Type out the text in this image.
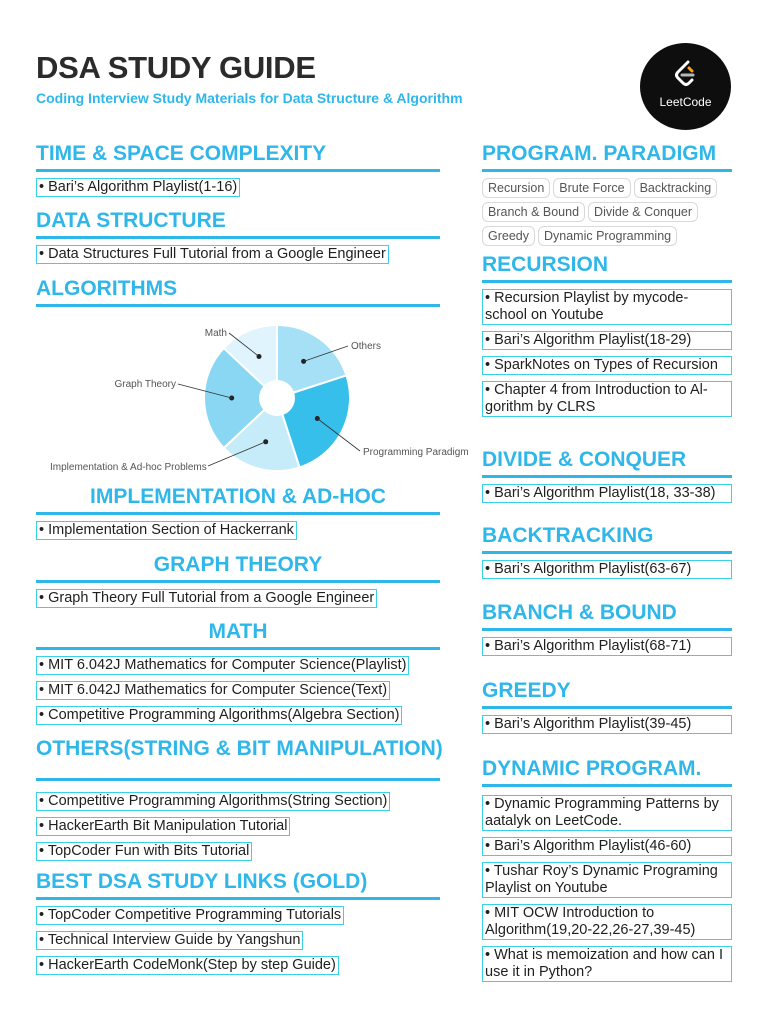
DSA STUDY GUIDE
Coding Interview Study Materials for Data Structure & Algorithm	LeetCode
TIME & SPACE COMPLEXITY
• Bari’s Algorithm Playlist(1-16)
DATA STRUCTURE
• Data Structures Full Tutorial from a Google Engineer
ALGORITHMS
Others
Programming Paradigm
Implementation & Ad-hoc Problems
Graph Theory
Math
IMPLEMENTATION & AD-HOC
• Implementation Section of Hackerrank
GRAPH THEORY
• Graph Theory Full Tutorial from a Google Engineer
MATH
• MIT 6.042J Mathematics for Computer Science(Playlist)
• MIT 6.042J Mathematics for Computer Science(Text)
• Competitive Programming Algorithms(Algebra Section)
OTHERS(STRING & BIT MANIPULATION)
• Competitive Programming Algorithms(String Section)
• HackerEarth Bit Manipulation Tutorial
• TopCoder Fun with Bits Tutorial
BEST DSA STUDY LINKS (GOLD)
• TopCoder Competitive Programming Tutorials
• Technical Interview Guide by Yangshun
• HackerEarth CodeMonk(Step by step Guide)
PROGRAM. PARADIGM
Recursion Brute Force BacktrackingBranch & Bound Divide & ConquerGreedy Dynamic Programming
RECURSION
• Recursion Playlist by mycode-school on Youtube
• Bari’s Algorithm Playlist(18-29)
• SparkNotes on Types of Recursion
• Chapter 4 from Introduction to Al-gorithm by CLRS
DIVIDE & CONQUER
• Bari’s Algorithm Playlist(18, 33-38)
BACKTRACKING
• Bari’s Algorithm Playlist(63-67)
BRANCH & BOUND
• Bari’s Algorithm Playlist(68-71)
GREEDY
• Bari’s Algorithm Playlist(39-45)
DYNAMIC PROGRAM.
• Dynamic Programming Patterns by aatalyk on LeetCode.
• Bari’s Algorithm Playlist(46-60)
• Tushar Roy’s Dynamic Programing Playlist on Youtube
• MIT OCW Introduction to Algorithm(19,20-22,26-27,39-45)
• What is memoization and how can I use it in Python?
